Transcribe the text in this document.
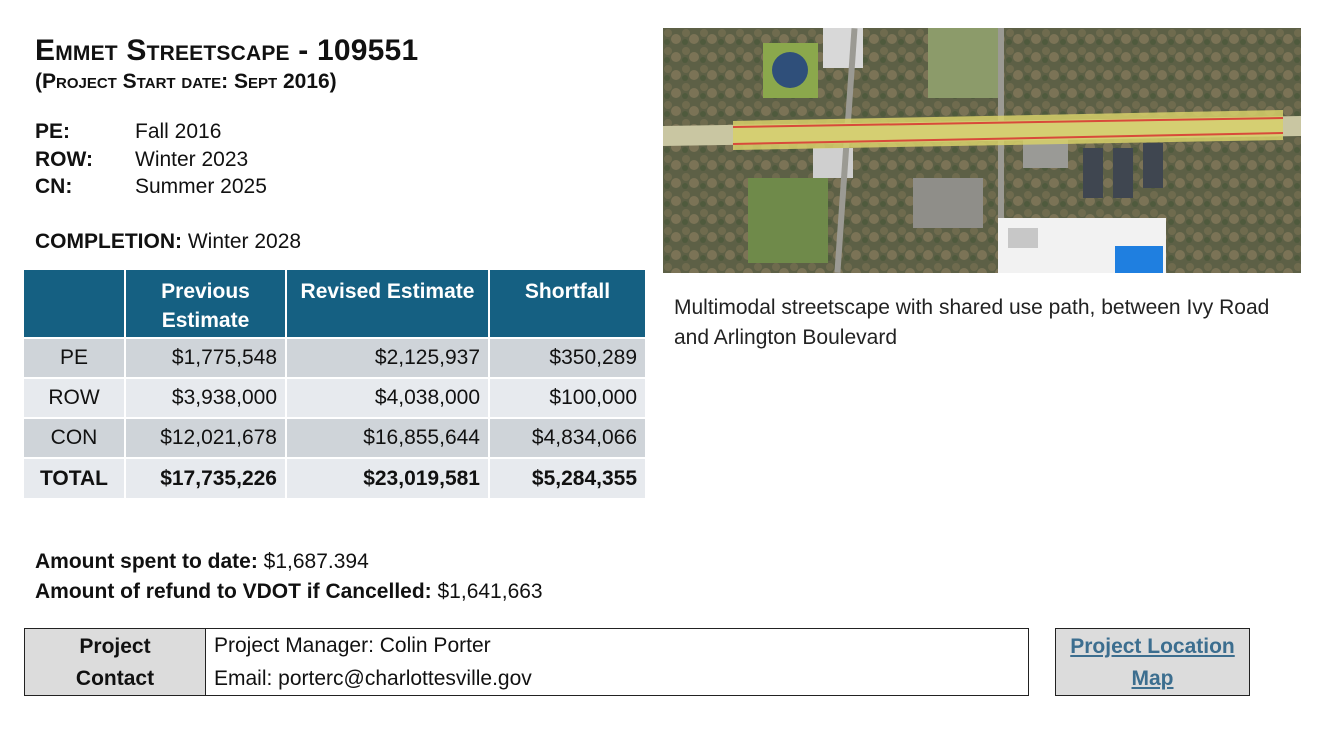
Emmet Streetscape - 109551
(Project Start date: Sept 2016)
PE:	Fall 2016
ROW: Winter 2023
CN:	Summer 2025
COMPLETION: Winter 2028
	Previous Estimate	Revised Estimate	Shortfall
PE	$1,775,548	$2,125,937	$350,289
ROW	$3,938,000	$4,038,000	$100,000
CON	$12,021,678	$16,855,644	$4,834,066
TOTAL	$17,735,226	$23,019,581	$5,284,355
Multimodal streetscape with shared use path, between Ivy Road and Arlington Boulevard
Amount spent to date: $1,687.394
Amount of refund to VDOT if Cancelled: $1,641,663
Project
Contact
Project Manager: Colin Porter
Email: porterc@charlottesville.gov
Project Location
Map
